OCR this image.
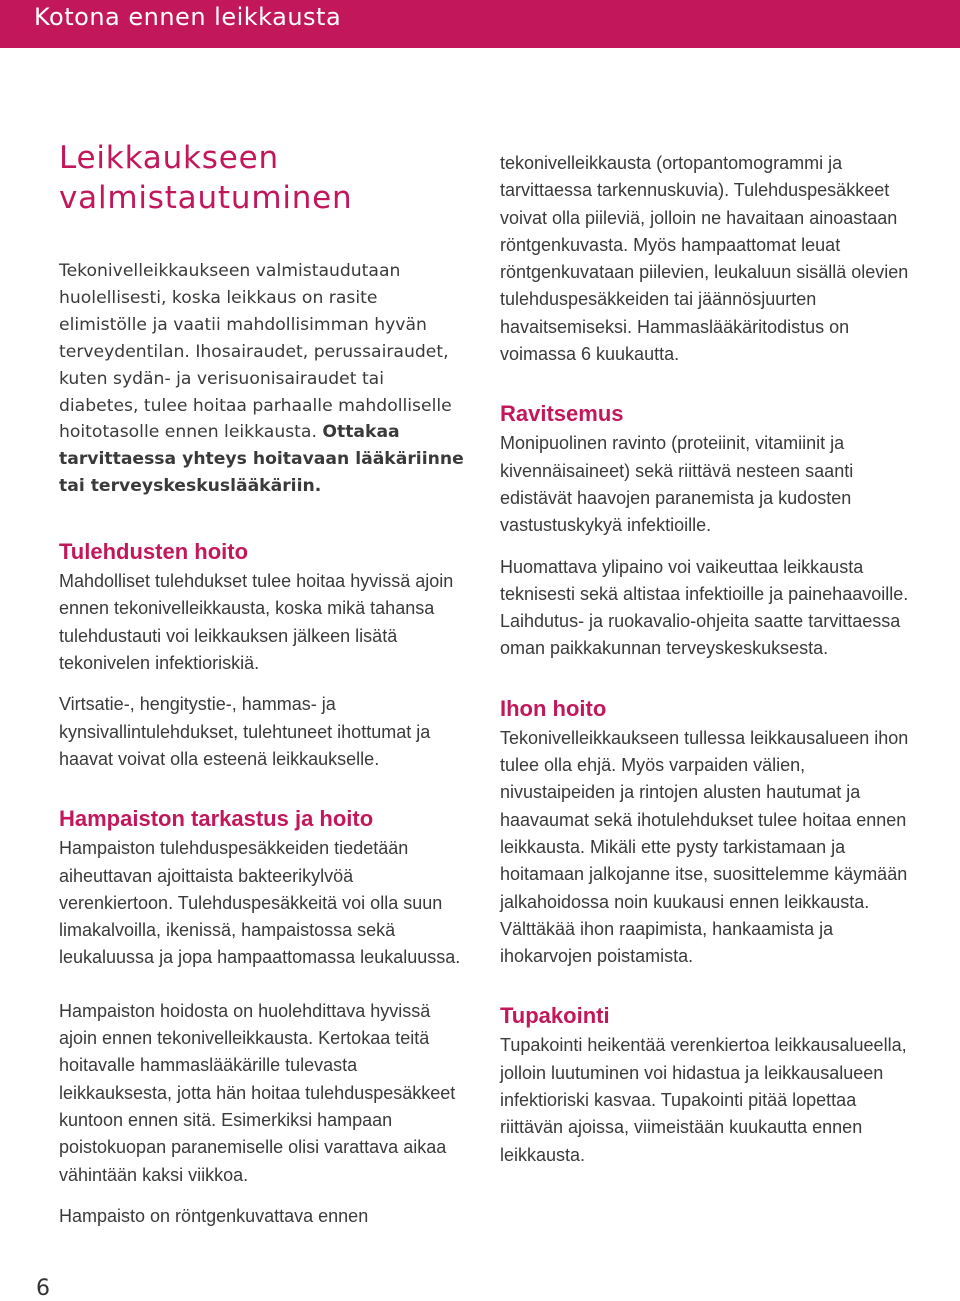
Kotona ennen leikkausta
Leikkaukseen
valmistautuminen

Tekonivelleikkaukseen valmistaudutaan huolellisesti, koska leikkaus on rasite elimistölle ja vaatii mahdollisimman hyvän terveydentilan. Ihosairaudet, perussairaudet, kuten sydän- ja verisuonisairaudet tai diabetes, tulee hoitaa parhaalle mahdolliselle hoitotasolle ennen leikkausta. Ottakaa tarvittaessa yhteys hoitavaan lääkäriinne tai terveyskeskuslääkäriin.

Tulehdusten hoito

Mahdolliset tulehdukset tulee hoitaa hyvissä ajoin ennen tekonivelleikkausta, koska mikä tahansa tulehdustauti voi leikkauksen jälkeen lisätä tekonivelen infektioriskiä.

Virtsatie-, hengitystie-, hammas- ja kynsivallintulehdukset, tulehtuneet ihottumat ja haavat voivat olla esteenä leikkaukselle.

Hampaiston tarkastus ja hoito

Hampaiston tulehduspesäkkeiden tiedetään aiheuttavan ajoittaista bakteerikylvöä verenkiertoon. Tulehduspesäkkeitä voi olla suun limakalvoilla, ikenissä, hampaistossa sekä leukaluussa ja jopa hampaattomassa leukaluussa.

Hampaiston hoidosta on huolehdittava hyvissä ajoin ennen tekonivelleikkausta. Kertokaa teitä hoitavalle hammaslääkärille tulevasta leikkauksesta, jotta hän hoitaa tulehduspesäkkeet kuntoon ennen sitä. Esimerkiksi hampaan poistokuopan paranemiselle olisi varattava aikaa vähintään kaksi viikkoa.

Hampaisto on röntgenkuvattava ennen

tekonivelleikkausta (ortopantomogrammi ja tarvittaessa tarkennuskuvia). Tulehduspesäkkeet voivat olla piileviä, jolloin ne havaitaan ainoastaan röntgenkuvasta. Myös hampaattomat leuat röntgenkuvataan piilevien, leukaluun sisällä olevien tulehduspesäkkeiden tai jäännösjuurten havaitsemiseksi. Hammaslääkäritodistus on voimassa 6 kuukautta.

Ravitsemus

Monipuolinen ravinto (proteiinit, vitamiinit ja kivennäisaineet) sekä riittävä nesteen saanti edistävät haavojen paranemista ja kudosten vastustuskykyä infektioille.

Huomattava ylipaino voi vaikeuttaa leikkausta teknisesti sekä altistaa infektioille ja painehaavoille. Laihdutus- ja ruokavalio-ohjeita saatte tarvittaessa oman paikkakunnan terveyskeskuksesta.

Ihon hoito

Tekonivelleikkaukseen tullessa leikkausalueen ihon tulee olla ehjä. Myös varpaiden välien, nivustaipeiden ja rintojen alusten hautumat ja haavaumat sekä ihotulehdukset tulee hoitaa ennen leikkausta. Mikäli ette pysty tarkistamaan ja hoitamaan jalkojanne itse, suosittelemme käymään jalkahoidossa noin kuukausi ennen leikkausta. Välttäkää ihon raapimista, hankaamista ja ihokarvojen poistamista.

Tupakointi

Tupakointi heikentää verenkiertoa leikkausalueella, jolloin luutuminen voi hidastua ja leikkausalueen infektioriski kasvaa. Tupakointi pitää lopettaa riittävän ajoissa, viimeistään kuukautta ennen leikkausta.

6
